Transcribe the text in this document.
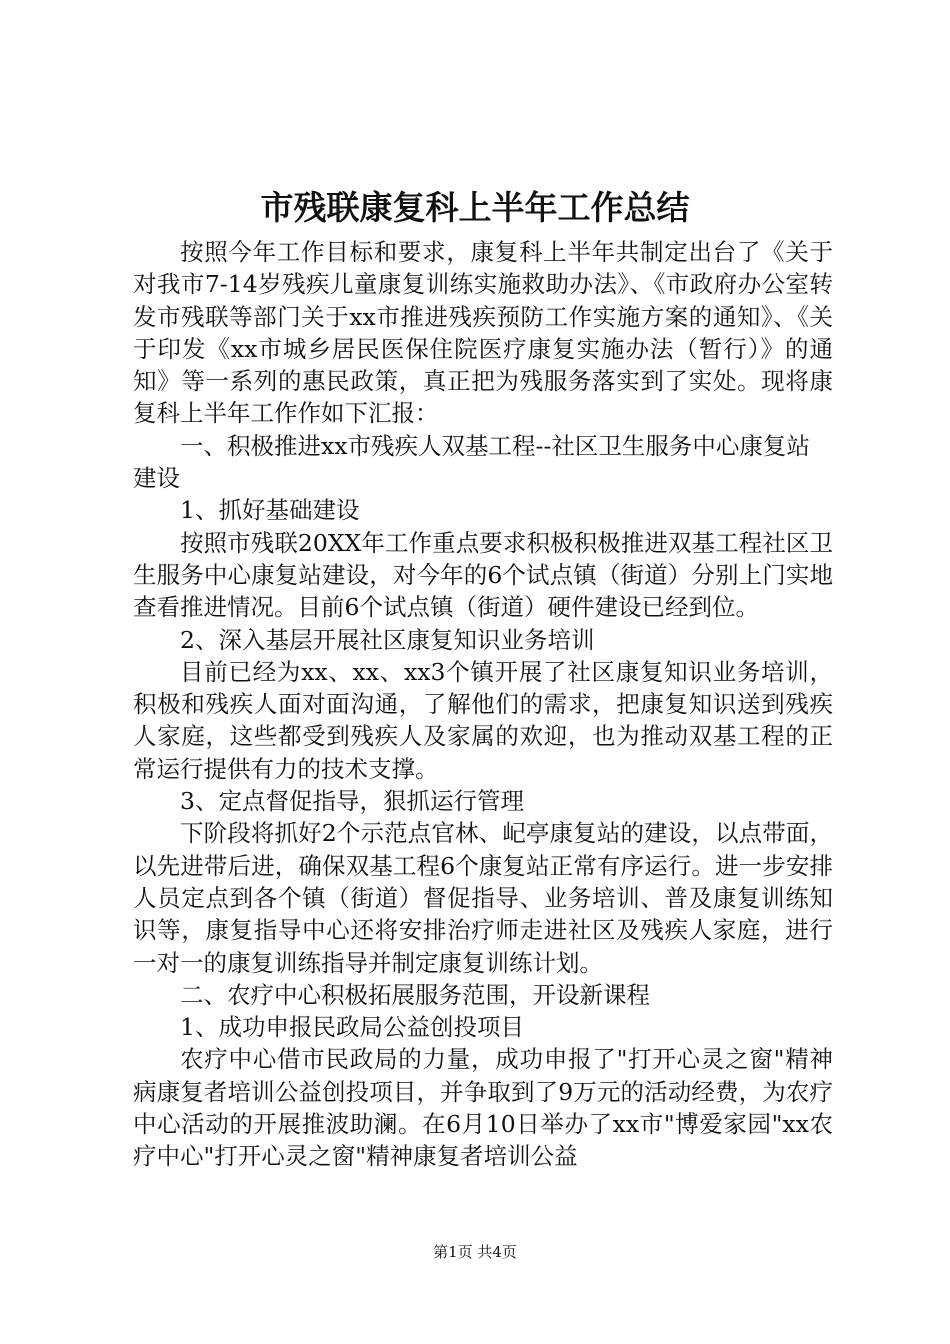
市残联康复科上半年工作总结

按照今年工作目标和要求，康复科上半年共制定出台了《关于对我市7-14岁残疾儿童康复训练实施救助办法》、《市政府办公室转发市残联等部门关于xx市推进残疾预防工作实施方案的通知》、《关于印发《xx市城乡居民医保住院医疗康复实施办法（暂行）》的通知》等一系列的惠民政策，真正把为残服务落实到了实处。现将康复科上半年工作作如下汇报：

一、积极推进xx市残疾人双基工程--社区卫生服务中心康复站建设

1、抓好基础建设

按照市残联20XX年工作重点要求积极积极推进双基工程社区卫生服务中心康复站建设，对今年的6个试点镇（街道）分别上门实地查看推进情况。目前6个试点镇（街道）硬件建设已经到位。

2、深入基层开展社区康复知识业务培训

目前已经为xx、xx、xx3个镇开展了社区康复知识业务培训，积极和残疾人面对面沟通，了解他们的需求，把康复知识送到残疾人家庭，这些都受到残疾人及家属的欢迎，也为推动双基工程的正常运行提供有力的技术支撑。

3、定点督促指导，狠抓运行管理

下阶段将抓好2个示范点官林、屺亭康复站的建设，以点带面，以先进带后进，确保双基工程6个康复站正常有序运行。进一步安排人员定点到各个镇（街道）督促指导、业务培训、普及康复训练知识等，康复指导中心还将安排治疗师走进社区及残疾人家庭，进行一对一的康复训练指导并制定康复训练计划。

二、农疗中心积极拓展服务范围，开设新课程

1、成功申报民政局公益创投项目

农疗中心借市民政局的力量，成功申报了"打开心灵之窗"精神病康复者培训公益创投项目，并争取到了9万元的活动经费，为农疗中心活动的开展推波助澜。在6月10日举办了xx市"博爱家园"xx农疗中心"打开心灵之窗"精神康复者培训公益

第1页 共4页
